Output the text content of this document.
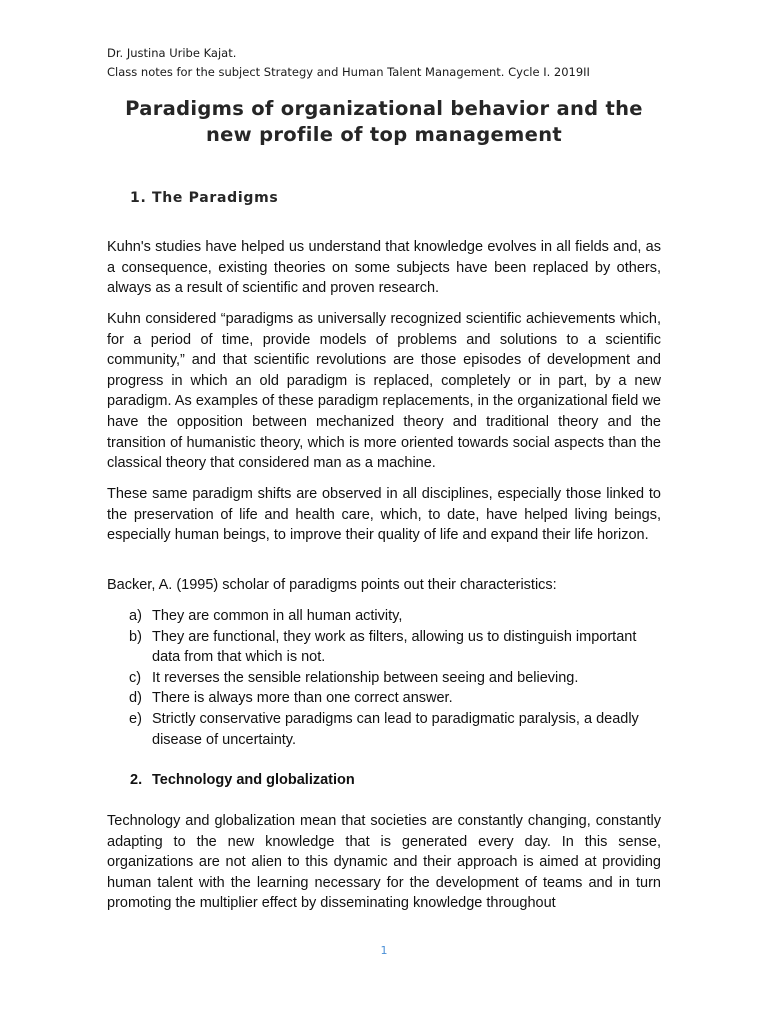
Dr. Justina Uribe Kajat.
Class notes for the subject Strategy and Human Talent Management. Cycle I. 2019II
Paradigms of organizational behavior and the new profile of top management
1. The Paradigms

Kuhn's studies have helped us understand that knowledge evolves in all fields and, as a consequence, existing theories on some subjects have been replaced by others, always as a result of scientific and proven research.

Kuhn considered “paradigms as universally recognized scientific achievements which, for a period of time, provide models of problems and solutions to a scientific community,” and that scientific revolutions are those episodes of development and progress in which an old paradigm is replaced, completely or in part, by a new paradigm. As examples of these paradigm replacements, in the organizational field we have the opposition between mechanized theory and traditional theory and the transition of humanistic theory, which is more oriented towards social aspects than the classical theory that considered man as a machine.

These same paradigm shifts are observed in all disciplines, especially those linked to the preservation of life and health care, which, to date, have helped living beings, especially human beings, to improve their quality of life and expand their life horizon.

Backer, A. (1995) scholar of paradigms points out their characteristics:

a) They are common in all human activity,
b) They are functional, they work as filters, allowing us to distinguish important data from that which is not.
c) It reverses the sensible relationship between seeing and believing.
d) There is always more than one correct answer.
e) Strictly conservative paradigms can lead to paradigmatic paralysis, a deadly disease of uncertainty.
2. Technology and globalization

Technology and globalization mean that societies are constantly changing, constantly adapting to the new knowledge that is generated every day. In this sense, organizations are not alien to this dynamic and their approach is aimed at providing human talent with the learning necessary for the development of teams and in turn promoting the multiplier effect by disseminating knowledge throughout

1
